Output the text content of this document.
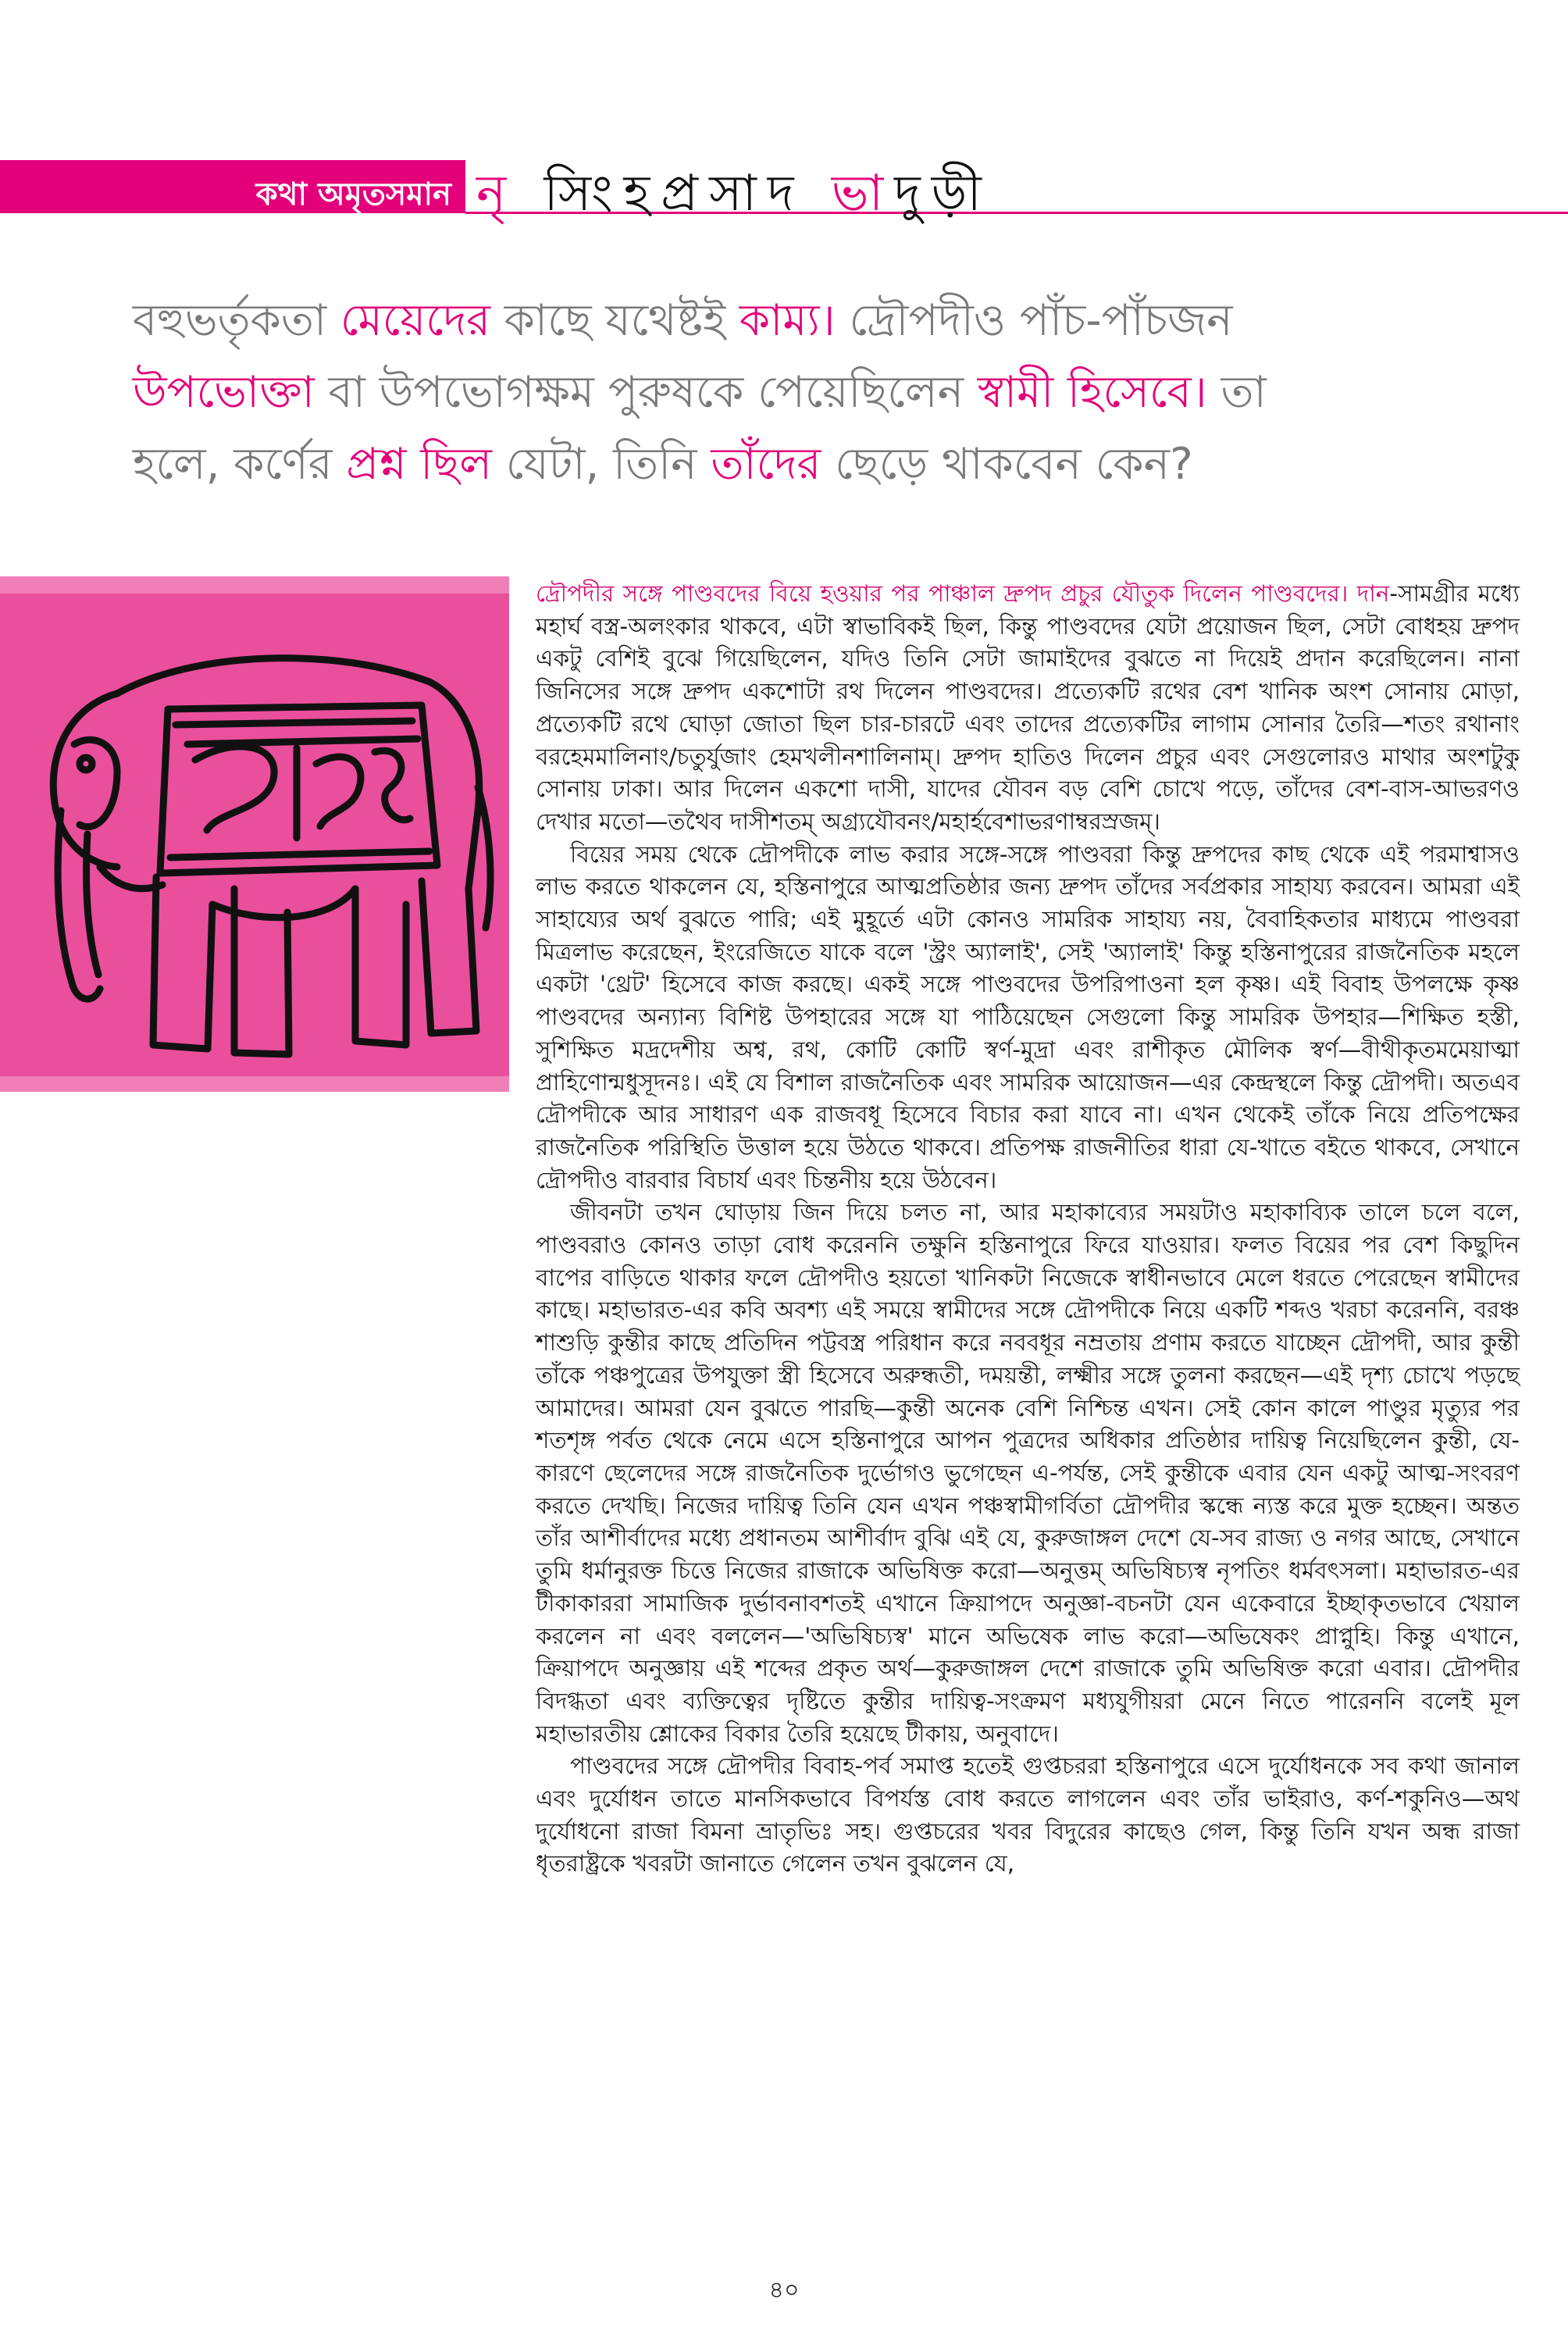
কথা অমৃতসমান নৃ সিংহপ্রসাদ ভাদুড়ী

বহুভর্তৃকতা মেয়েদের কাছে যথেষ্টই কাম্য। দ্রৌপদীও পাঁচ-পাঁচজন

উপভোক্তা বা উপভোগক্ষম পুরুষকে পেয়েছিলেন স্বামী হিসেবে। তা

হলে, কর্ণের প্রশ্ন ছিল যেটা, তিনি তাঁদের ছেড়ে থাকবেন কেন?

দ্রৌপদীর সঙ্গে পাণ্ডবদের বিয়ে হওয়ার পর পাঞ্চাল দ্রুপদ প্রচুর যৌতুক দিলেন পাণ্ডবদের। দান-সামগ্রীর মধ্যে মহার্ঘ বস্ত্র-অলংকার থাকবে, এটা স্বাভাবিকই ছিল, কিন্তু পাণ্ডবদের যেটা প্রয়োজন ছিল, সেটা বোধহয় দ্রুপদ একটু বেশিই বুঝে গিয়েছিলেন, যদিও তিনি সেটা জামাইদের বুঝতে না দিয়েই প্রদান করেছিলেন। নানা জিনিসের সঙ্গে দ্রুপদ একশোটা রথ দিলেন পাণ্ডবদের। প্রত্যেকটি রথের বেশ খানিক অংশ সোনায় মোড়া, প্রত্যেকটি রথে ঘোড়া জোতা ছিল চার-চারটে এবং তাদের প্রত্যেকটির লাগাম সোনার তৈরি—শতং রথানাং বরহেমমালিনাং/চতুর্যুজাং হেমখলীনশালিনাম্। দ্রুপদ হাতিও দিলেন প্রচুর এবং সেগুলোরও মাথার অংশটুকু সোনায় ঢাকা। আর দিলেন একশো দাসী, যাদের যৌবন বড় বেশি চোখে পড়ে, তাঁদের বেশ-বাস-আভরণও দেখার মতো—তথৈব দাসীশতম্ অগ্র্যযৌবনং/মহার্হবেশাভরণাম্বরস্রজম্।

বিয়ের সময় থেকে দ্রৌপদীকে লাভ করার সঙ্গে-সঙ্গে পাণ্ডবরা কিন্তু দ্রুপদের কাছ থেকে এই পরমাশ্বাসও লাভ করতে থাকলেন যে, হস্তিনাপুরে আত্মপ্রতিষ্ঠার জন্য দ্রুপদ তাঁদের সর্বপ্রকার সাহায্য করবেন। আমরা এই সাহায্যের অর্থ বুঝতে পারি; এই মুহূর্তে এটা কোনও সামরিক সাহায্য নয়, বৈবাহিকতার মাধ্যমে পাণ্ডবরা মিত্রলাভ করেছেন, ইংরেজিতে যাকে বলে 'স্ট্রং অ্যালাই', সেই 'অ্যালাই' কিন্তু হস্তিনাপুরের রাজনৈতিক মহলে একটা 'থ্রেট' হিসেবে কাজ করছে। একই সঙ্গে পাণ্ডবদের উপরিপাওনা হল কৃষ্ণ। এই বিবাহ উপলক্ষে কৃষ্ণ পাণ্ডবদের অন্যান্য বিশিষ্ট উপহারের সঙ্গে যা পাঠিয়েছেন সেগুলো কিন্তু সামরিক উপহার—শিক্ষিত হস্তী, সুশিক্ষিত মদ্রদেশীয় অশ্ব, রথ, কোটি কোটি স্বর্ণ-মুদ্রা এবং রাশীকৃত মৌলিক স্বর্ণ—বীথীকৃতমমেয়াত্মা প্রাহিণোন্মধুসূদনঃ। এই যে বিশাল রাজনৈতিক এবং সামরিক আয়োজন—এর কেন্দ্রস্থলে কিন্তু দ্রৌপদী। অতএব দ্রৌপদীকে আর সাধারণ এক রাজবধূ হিসেবে বিচার করা যাবে না। এখন থেকেই তাঁকে নিয়ে প্রতিপক্ষের রাজনৈতিক পরিস্থিতি উত্তাল হয়ে উঠতে থাকবে। প্রতিপক্ষ রাজনীতির ধারা যে-খাতে বইতে থাকবে, সেখানে দ্রৌপদীও বারবার বিচার্য এবং চিন্তনীয় হয়ে উঠবেন।

জীবনটা তখন ঘোড়ায় জিন দিয়ে চলত না, আর মহাকাব্যের সময়টাও মহাকাব্যিক তালে চলে বলে, পাণ্ডবরাও কোনও তাড়া বোধ করেননি তক্ষুনি হস্তিনাপুরে ফিরে যাওয়ার। ফলত বিয়ের পর বেশ কিছুদিন বাপের বাড়িতে থাকার ফলে দ্রৌপদীও হয়তো খানিকটা নিজেকে স্বাধীনভাবে মেলে ধরতে পেরেছেন স্বামীদের কাছে। মহাভারত-এর কবি অবশ্য এই সময়ে স্বামীদের সঙ্গে দ্রৌপদীকে নিয়ে একটি শব্দও খরচা করেননি, বরঞ্চ শাশুড়ি কুন্তীর কাছে প্রতিদিন পট্টবস্ত্র পরিধান করে নববধূর নম্রতায় প্রণাম করতে যাচ্ছেন দ্রৌপদী, আর কুন্তী তাঁকে পঞ্চপুত্রের উপযুক্তা স্ত্রী হিসেবে অরুন্ধতী, দময়ন্তী, লক্ষ্মীর সঙ্গে তুলনা করছেন—এই দৃশ্য চোখে পড়ছে আমাদের। আমরা যেন বুঝতে পারছি—কুন্তী অনেক বেশি নিশ্চিন্ত এখন। সেই কোন কালে পাণ্ডুর মৃত্যুর পর শতশৃঙ্গ পর্বত থেকে নেমে এসে হস্তিনাপুরে আপন পুত্রদের অধিকার প্রতিষ্ঠার দায়িত্ব নিয়েছিলেন কুন্তী, যে-কারণে ছেলেদের সঙ্গে রাজনৈতিক দুর্ভোগও ভুগেছেন এ-পর্যন্ত, সেই কুন্তীকে এবার যেন একটু আত্ম-সংবরণ করতে দেখছি। নিজের দায়িত্ব তিনি যেন এখন পঞ্চস্বামীগর্বিতা দ্রৌপদীর স্কন্ধে ন্যস্ত করে মুক্ত হচ্ছেন। অন্তত তাঁর আশীর্বাদের মধ্যে প্রধানতম আশীর্বাদ বুঝি এই যে, কুরুজাঙ্গল দেশে যে-সব রাজ্য ও নগর আছে, সেখানে তুমি ধর্মানুরক্ত চিত্তে নিজের রাজাকে অভিষিক্ত করো—অনুত্তম্ অভিষিচ্যস্ব নৃপতিং ধর্মবৎসলা। মহাভারত-এর টীকাকাররা সামাজিক দুর্ভাবনাবশতই এখানে ক্রিয়াপদে অনুজ্ঞা-বচনটা যেন একেবারে ইচ্ছাকৃতভাবে খেয়াল করলেন না এবং বললেন—'অভিষিচ্যস্ব' মানে অভিষেক লাভ করো—অভিষেকং প্রাপ্নুহি। কিন্তু এখানে, ক্রিয়াপদে অনুজ্ঞায় এই শব্দের প্রকৃত অর্থ—কুরুজাঙ্গল দেশে রাজাকে তুমি অভিষিক্ত করো এবার। দ্রৌপদীর বিদগ্ধতা এবং ব্যক্তিত্বের দৃষ্টিতে কুন্তীর দায়িত্ব-সংক্রমণ মধ্যযুগীয়রা মেনে নিতে পারেননি বলেই মূল মহাভারতীয় শ্লোকের বিকার তৈরি হয়েছে টীকায়, অনুবাদে।

পাণ্ডবদের সঙ্গে দ্রৌপদীর বিবাহ-পর্ব সমাপ্ত হতেই গুপ্তচররা হস্তিনাপুরে এসে দুর্যোধনকে সব কথা জানাল এবং দুর্যোধন তাতে মানসিকভাবে বিপর্যস্ত বোধ করতে লাগলেন এবং তাঁর ভাইরাও, কর্ণ-শকুনিও—অথ দুর্যোধনো রাজা বিমনা ভ্রাতৃভিঃ সহ। গুপ্তচরের খবর বিদুরের কাছেও গেল, কিন্তু তিনি যখন অন্ধ রাজা ধৃতরাষ্ট্রকে খবরটা জানাতে গেলেন তখন বুঝলেন যে,

৪০
